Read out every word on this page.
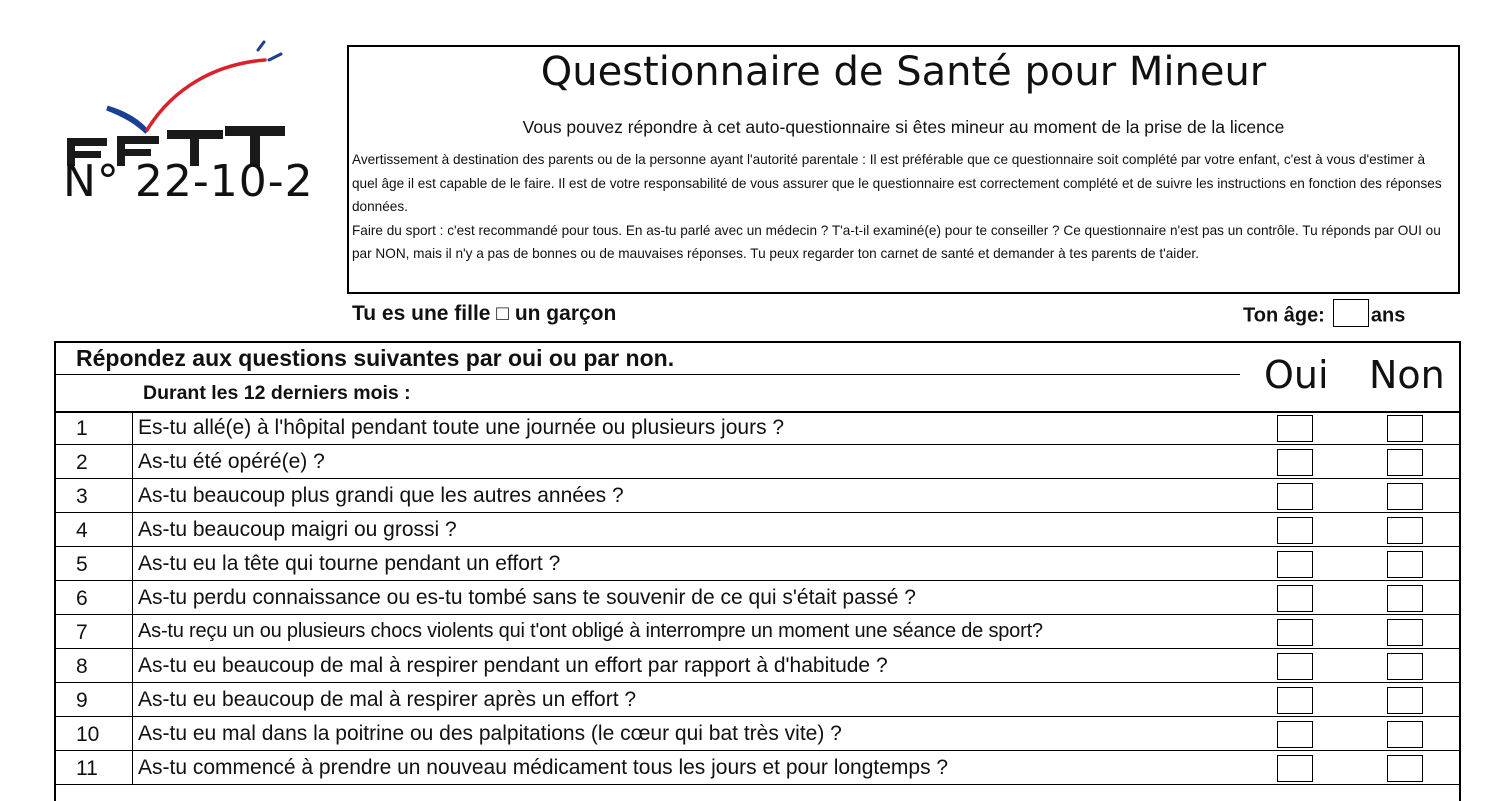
N° 22-10-2
Questionnaire de Santé pour Mineur
Vous pouvez répondre à cet auto-questionnaire si êtes mineur au moment de la prise de la licence

Avertissement à destination des parents ou de la personne ayant l'autorité parentale : Il est préférable que ce questionnaire soit complété par votre enfant, c'est à vous d'estimer à quel âge il est capable de le faire. Il est de votre responsabilité de vous assurer que le questionnaire est correctement complété et de suivre les instructions en fonction des réponses données.

Faire du sport : c'est recommandé pour tous. En as-tu parlé avec un médecin ? T'a-t-il examiné(e) pour te conseiller ? Ce questionnaire n'est pas un contrôle. Tu réponds par OUI ou par NON, mais il n'y a pas de bonnes ou de mauvaises réponses. Tu peux regarder ton carnet de santé et demander à tes parents de t'aider.

Tu es une fille □ un garçon	Ton âge: ans
Répondez aux questions suivantes par oui ou par non.
Durant les 12 derniers mois :	Oui Non
1	Es-tu allé(e) à l'hôpital pendant toute une journée ou plusieurs jours ?
2	As-tu été opéré(e) ?
3	As-tu beaucoup plus grandi que les autres années ?
4	As-tu beaucoup maigri ou grossi ?
5	As-tu eu la tête qui tourne pendant un effort ?
6	As-tu perdu connaissance ou es-tu tombé sans te souvenir de ce qui s'était passé ?
7	As-tu reçu un ou plusieurs chocs violents qui t'ont obligé à interrompre un moment une séance de sport?
8	As-tu eu beaucoup de mal à respirer pendant un effort par rapport à d'habitude ?
9	As-tu eu beaucoup de mal à respirer après un effort ?
10	As-tu eu mal dans la poitrine ou des palpitations (le cœur qui bat très vite) ?
11	As-tu commencé à prendre un nouveau médicament tous les jours et pour longtemps ?
